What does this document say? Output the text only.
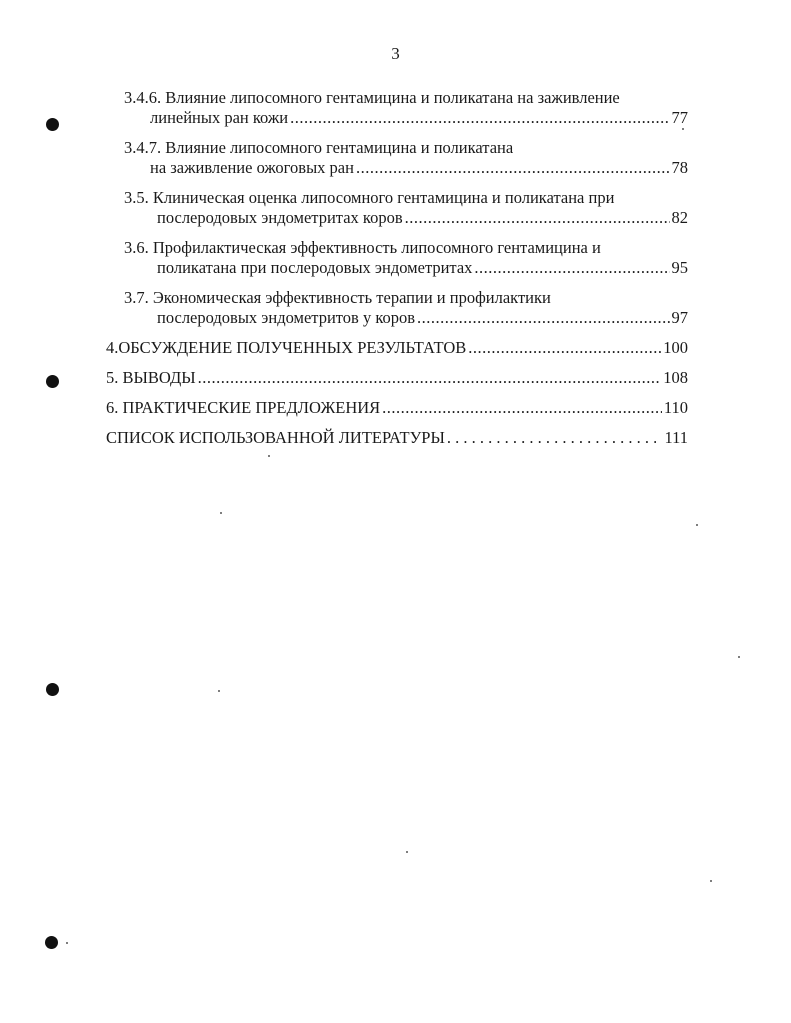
3
3.4.6. Влияние липосомного гентамицина и поликатана на заживление
линейных ран кожи .....	77
3.4.7. Влияние липосомного гентамицина и поликатана
на заживление ожоговых ран .....	78
3.5. Клиническая оценка липосомного гентамицина и поликатана при
послеродовых эндометритах коров .....	82
3.6. Профилактическая эффективность липосомного гентамицина и
поликатана при послеродовых эндометритах .....	95
3.7. Экономическая эффективность терапии и профилактики
послеродовых эндометритов у коров .....	97
4.ОБСУЖДЕНИЕ ПОЛУЧЕННЫХ РЕЗУЛЬТАТОВ .....	100
5. ВЫВОДЫ .....	108
6. ПРАКТИЧЕСКИЕ ПРЕДЛОЖЕНИЯ .....	110
СПИСОК ИСПОЛЬЗОВАННОЙ ЛИТЕРАТУРЫ . . .	111
